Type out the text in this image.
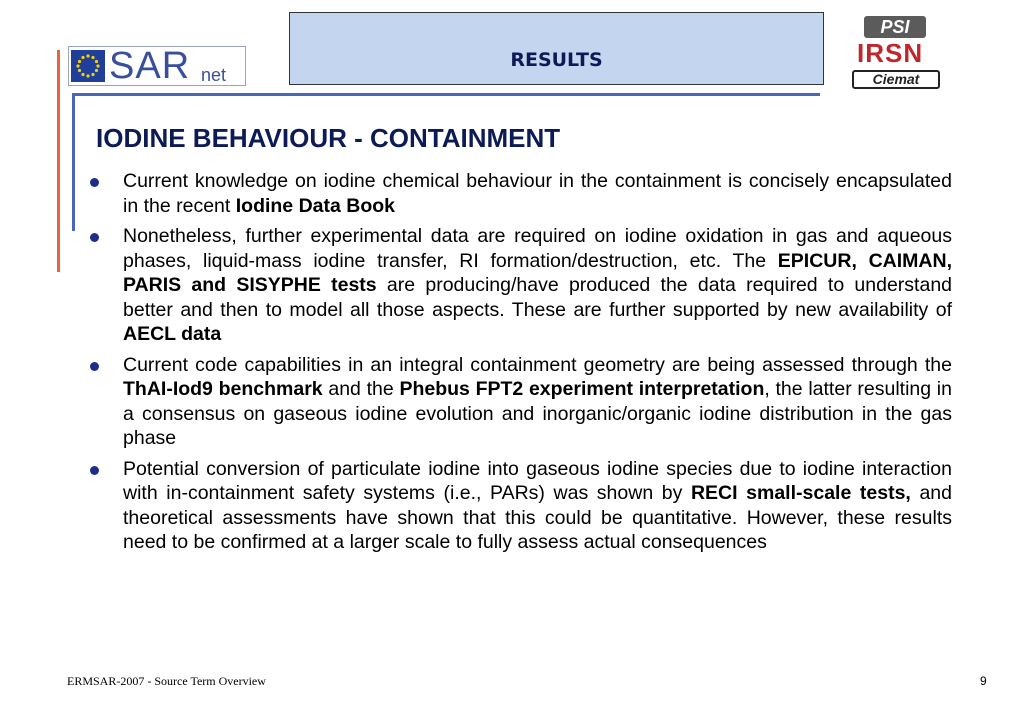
SAR net
RESULTS
PSI
IRSN
Ciemat
IODINE BEHAVIOUR - CONTAINMENT
Current knowledge on iodine chemical behaviour in the containment is concisely encapsulated in the recent Iodine Data Book
Nonetheless, further experimental data are required on iodine oxidation in gas and aqueous phases, liquid-mass iodine transfer, RI formation/destruction, etc. The EPICUR, CAIMAN, PARIS and SISYPHE tests are producing/have produced the data required to understand better and then to model all those aspects. These are further supported by new availability of AECL data
Current code capabilities in an integral containment geometry are being assessed through the ThAI-Iod9 benchmark and the Phebus FPT2 experiment interpretation, the latter resulting in a consensus on gaseous iodine evolution and inorganic/organic iodine distribution in the gas phase
Potential conversion of particulate iodine into gaseous iodine species due to iodine interaction with in-containment safety systems (i.e., PARs) was shown by RECI small-scale tests, and theoretical assessments have shown that this could be quantitative. However, these results need to be confirmed at a larger scale to fully assess actual consequences
ERMSAR-2007 - Source Term Overview	9
